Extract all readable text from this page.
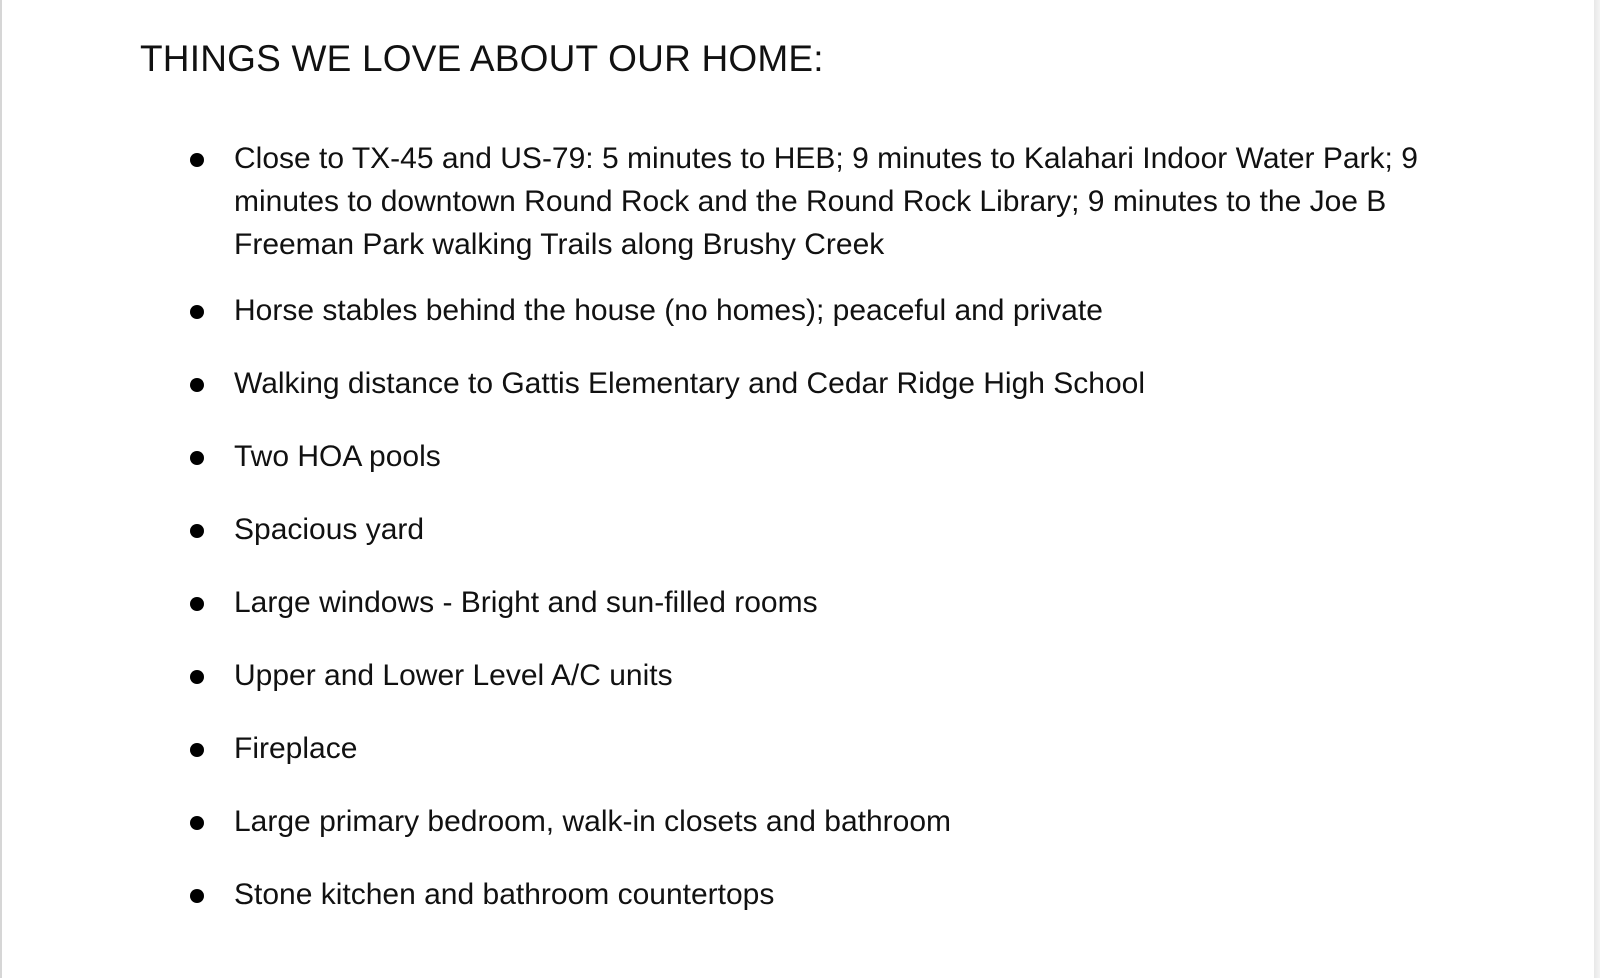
THINGS WE LOVE ABOUT OUR HOME:
Close to TX-45 and US-79: 5 minutes to HEB; 9 minutes to Kalahari Indoor Water Park; 9 minutes to downtown Round Rock and the Round Rock Library; 9 minutes to the Joe B Freeman Park walking Trails along Brushy Creek
Horse stables behind the house (no homes); peaceful and private
Walking distance to Gattis Elementary and Cedar Ridge High School
Two HOA pools
Spacious yard
Large windows - Bright and sun-filled rooms
Upper and Lower Level A/C units
Fireplace
Large primary bedroom, walk-in closets and bathroom
Stone kitchen and bathroom countertops
